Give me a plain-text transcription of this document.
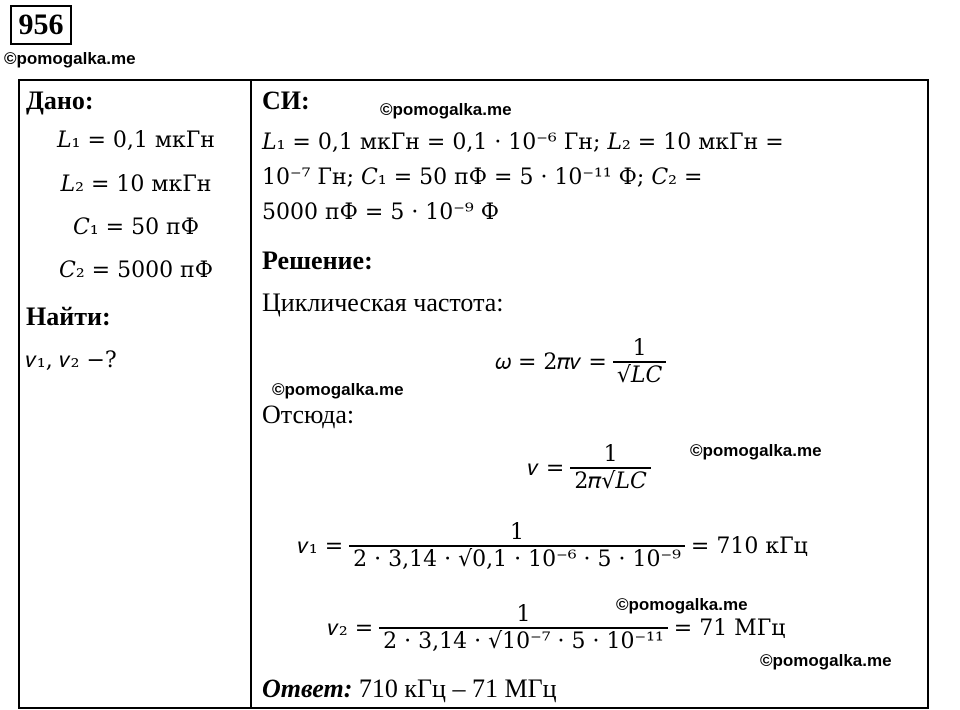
956
©pomogalka.me
Дано:
𝐿₁ = 0,1 мкГн
𝐿₂ = 10 мкГн
𝐶₁ = 50 пФ
𝐶₂ = 5000 пФ
Найти:
𝜈₁, 𝜈₂ −?
СИ:	©pomogalka.me
𝐿₁ = 0,1 мкГн = 0,1 · 10⁻⁶ Гн; 𝐿₂ = 10 мкГн =
10⁻⁷ Гн; 𝐶₁ = 50 пФ = 5 · 10⁻¹¹ Ф; 𝐶₂ =
5000 пФ = 5 · 10⁻⁹ Ф
Решение:
Циклическая частота:
𝜔 = 2𝜋𝜈 = $\frac{1}{\text{√𝐿𝐶}}$
©pomogalka.me
Отсюда:
𝜈 = $\frac{1}{\text{2𝜋√𝐿𝐶}}$ ©pomogalka.me
𝜈₁ = $\frac{1}{\text{2 · 3,14 · √0,1 · 10⁻⁶ · 5 · 10⁻⁹}} = 710$ кГц
𝜈₂ = $\frac{1}{\text{2 · 3,14 · √10⁻⁷ · 5 · 10⁻¹¹}} = 71$ МГц
©pomogalka.me
©pomogalka.me
Ответ: 710 кГц – 71 МГц
